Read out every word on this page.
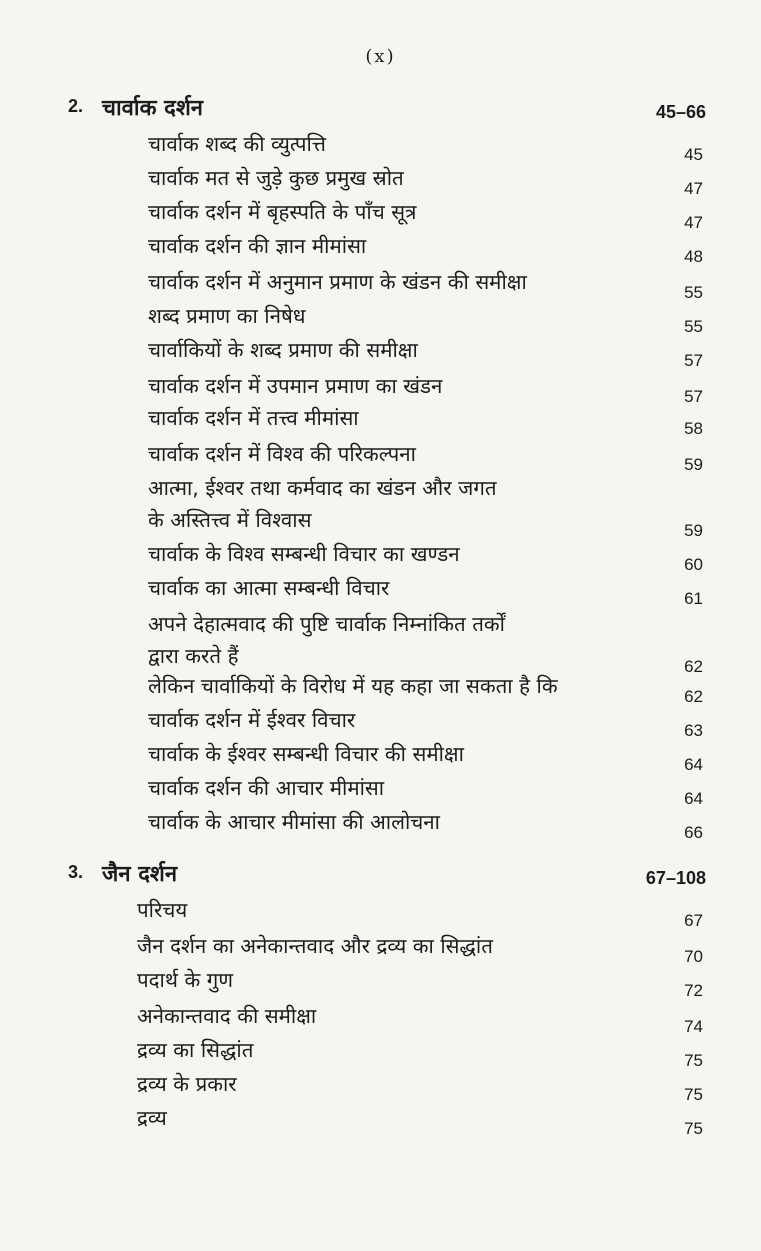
(x)
2. चार्वाक दर्शन	45–66
चार्वाक शब्द की व्युत्पत्ति	45
चार्वाक मत से जुड़े कुछ प्रमुख स्रोत	47
चार्वाक दर्शन में बृहस्पति के पाँच सूत्र	47
चार्वाक दर्शन की ज्ञान मीमांसा	48
चार्वाक दर्शन में अनुमान प्रमाण के खंडन की समीक्षा	55
शब्द प्रमाण का निषेध	55
चार्वाकियों के शब्द प्रमाण की समीक्षा	57
चार्वाक दर्शन में उपमान प्रमाण का खंडन	57
चार्वाक दर्शन में तत्त्व मीमांसा	58
चार्वाक दर्शन में विश्व की परिकल्पना	59
आत्मा, ईश्वर तथा कर्मवाद का खंडन और जगत
के अस्तित्त्व में विश्वास	59
चार्वाक के विश्व सम्बन्धी विचार का खण्डन	60
चार्वाक का आत्मा सम्बन्धी विचार	61
अपने देहात्मवाद की पुष्टि चार्वाक निम्नांकित तर्कों
द्वारा करते हैं	62
लेकिन चार्वाकियों के विरोध में यह कहा जा सकता है कि	62
चार्वाक दर्शन में ईश्वर विचार	63
चार्वाक के ईश्वर सम्बन्धी विचार की समीक्षा	64
चार्वाक दर्शन की आचार मीमांसा	64
चार्वाक के आचार मीमांसा की आलोचना	66
3. जैन दर्शन	67–108
परिचय	67
जैन दर्शन का अनेकान्तवाद और द्रव्य का सिद्धांत	70
पदार्थ के गुण	72
अनेकान्तवाद की समीक्षा	74
द्रव्य का सिद्धांत	75
द्रव्य के प्रकार	75
द्रव्य	75
